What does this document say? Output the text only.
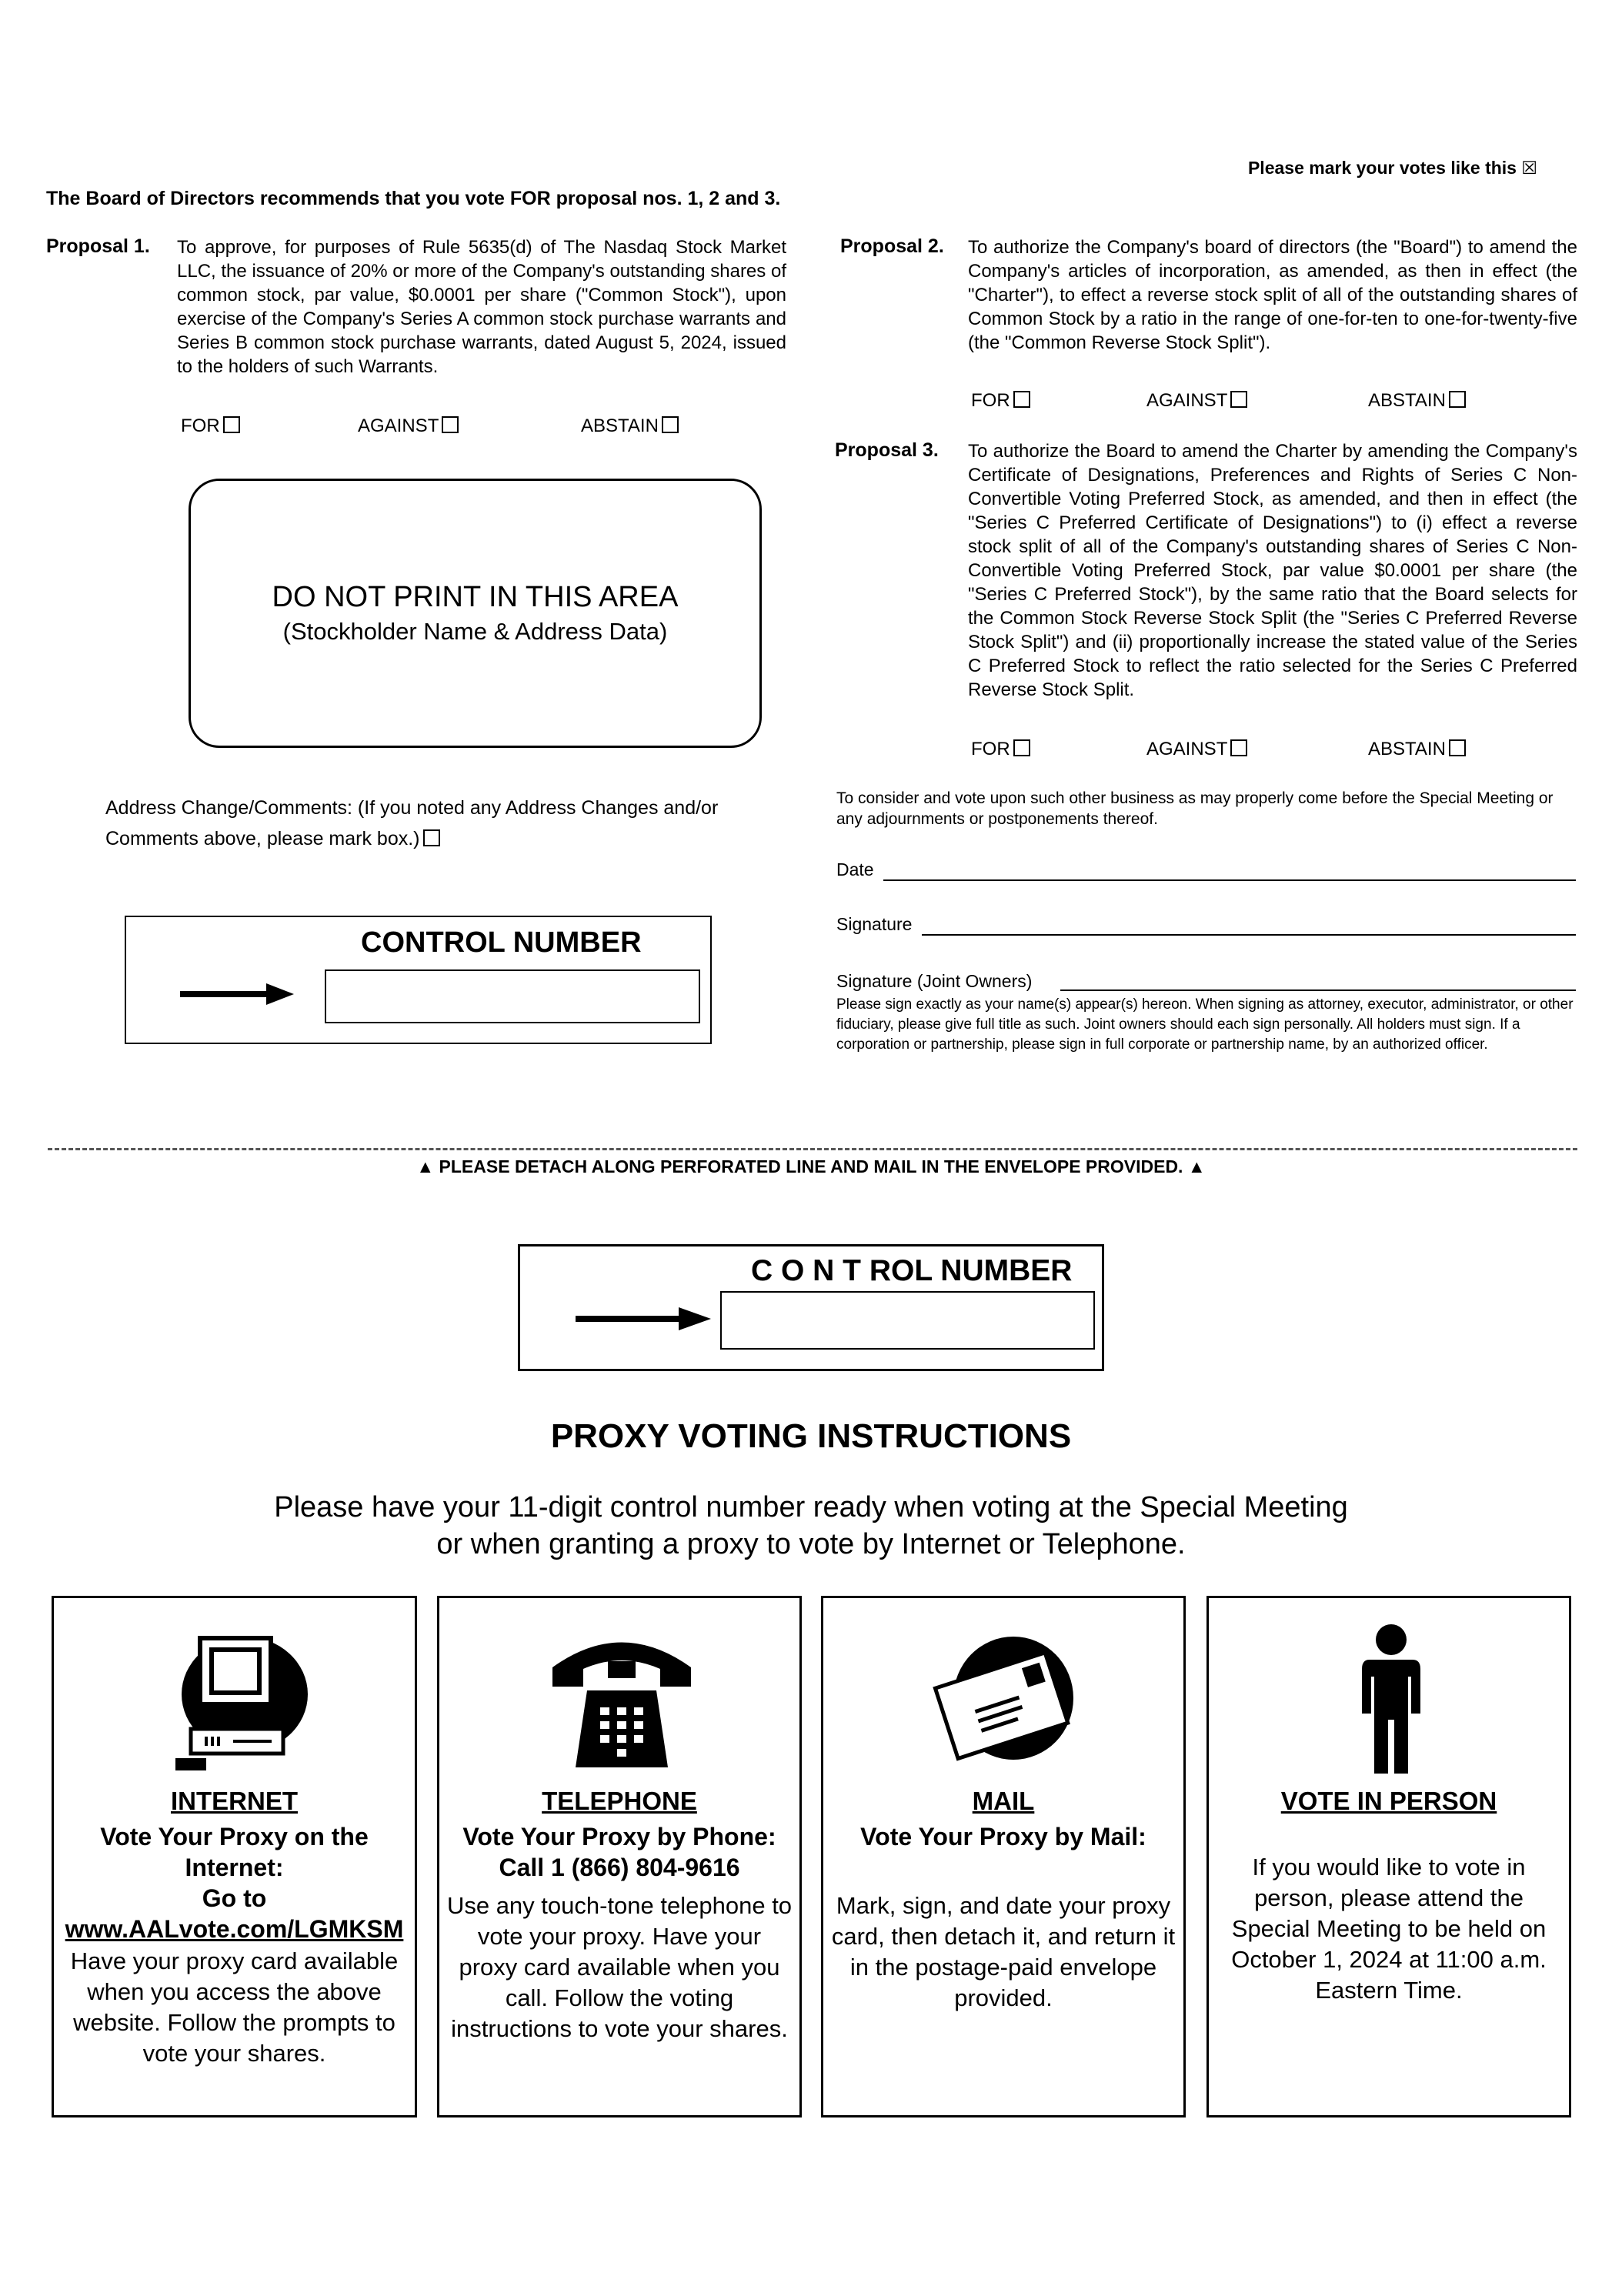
Please mark your votes like this ☒
The Board of Directors recommends that you vote FOR proposal nos. 1, 2 and 3.
Proposal 1. To approve, for purposes of Rule 5635(d) of The Nasdaq Stock Market LLC, the issuance of 20% or more of the Company's outstanding shares of common stock, par value, $0.0001 per share ("Common Stock"), upon exercise of the Company's Series A common stock purchase warrants and Series B common stock purchase warrants, dated August 5, 2024, issued to the holders of such Warrants.
FOR	AGAINST	ABSTAIN
DO NOT PRINT IN THIS AREA
(Stockholder Name & Address Data)
Address Change/Comments: (If you noted any Address Changes and/or Comments above, please mark box.)
CONTROL NUMBER
Proposal 2. To authorize the Company's board of directors (the "Board") to amend the Company's articles of incorporation, as amended, as then in effect (the "Charter"), to effect a reverse stock split of all of the outstanding shares of Common Stock by a ratio in the range of one-for-ten to one-for-twenty-five (the "Common Reverse Stock Split").
FOR	AGAINST	ABSTAIN
Proposal 3. To authorize the Board to amend the Charter by amending the Company's Certificate of Designations, Preferences and Rights of Series C Non-Convertible Voting Preferred Stock, as amended, and then in effect (the "Series C Preferred Certificate of Designations") to (i) effect a reverse stock split of all of the Company's outstanding shares of Series C Non-Convertible Voting Preferred Stock, par value $0.0001 per share (the "Series C Preferred Stock"), by the same ratio that the Board selects for the Common Stock Reverse Stock Split (the "Series C Preferred Reverse Stock Split") and (ii) proportionally increase the stated value of the Series C Preferred Stock to reflect the ratio selected for the Series C Preferred Reverse Stock Split.
FOR	AGAINST	ABSTAIN
To consider and vote upon such other business as may properly come before the Special Meeting or any adjournments or postponements thereof.
Date
Signature
Signature (Joint Owners)
Please sign exactly as your name(s) appear(s) hereon. When signing as attorney, executor, administrator, or other fiduciary, please give full title as such. Joint owners should each sign personally. All holders must sign. If a corporation or partnership, please sign in full corporate or partnership name, by an authorized officer.
▲ PLEASE DETACH ALONG PERFORATED LINE AND MAIL IN THE ENVELOPE PROVIDED. ▲
C O N T ROL NUMBER
PROXY VOTING INSTRUCTIONS
Please have your 11-digit control number ready when voting at the Special Meeting
or when granting a proxy to vote by Internet or Telephone.
INTERNET
Vote Your Proxy on the Internet:
Go to
www.AALvote.com/LGMKSM
Have your proxy card available when you access the above website. Follow the prompts to vote your shares.
TELEPHONE
Vote Your Proxy by Phone:
Call 1 (866) 804-9616
Use any touch-tone telephone to vote your proxy. Have your proxy card available when you call. Follow the voting instructions to vote your shares.
MAIL
Vote Your Proxy by Mail:
Mark, sign, and date your proxy card, then detach it, and return it in the postage-paid envelope provided.
VOTE IN PERSON
If you would like to vote in person, please attend the Special Meeting to be held on October 1, 2024 at 11:00 a.m. Eastern Time.
